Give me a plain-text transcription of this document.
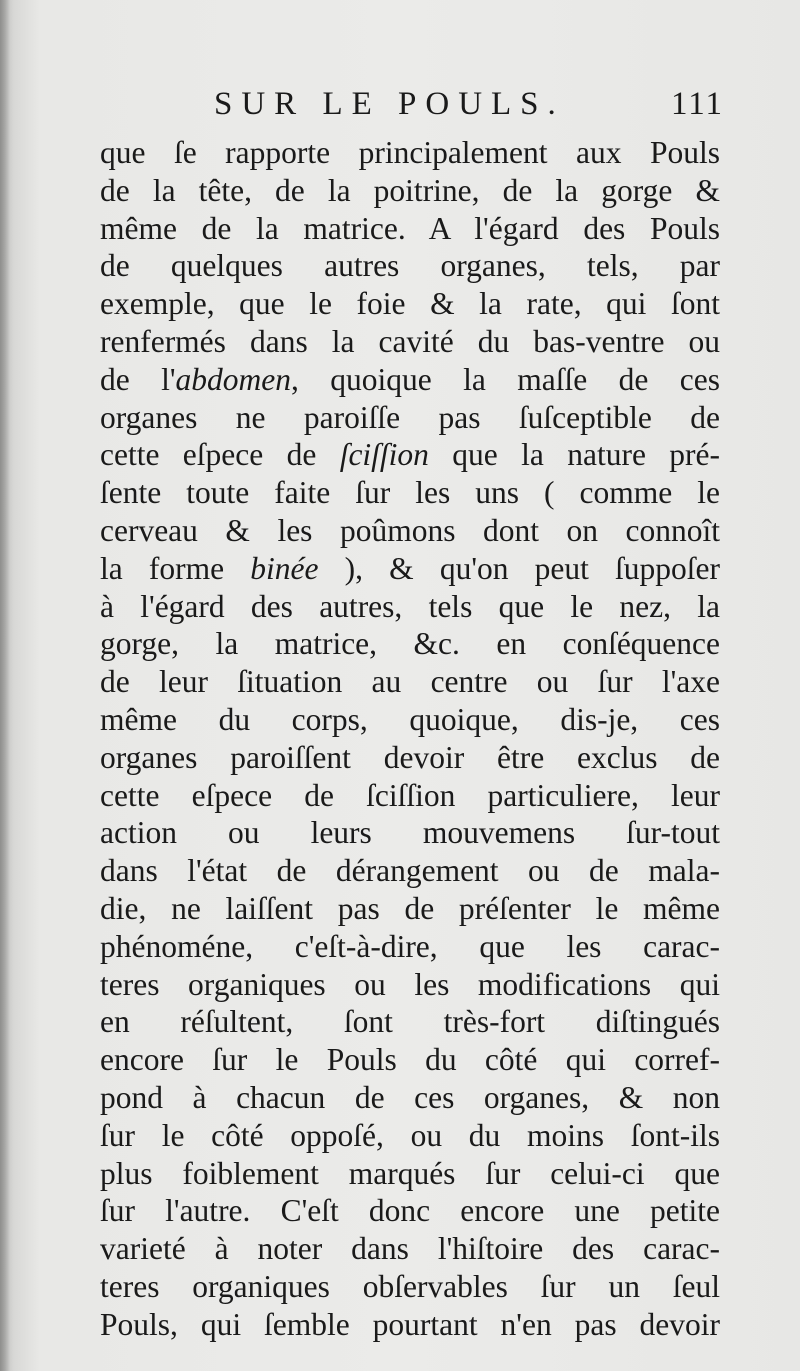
SUR LE POULS.	111
que ſe rapporte principalement aux Pouls
de la tête, de la poitrine, de la gorge &
même de la matrice. A l'égard des Pouls
de quelques autres organes, tels, par
exemple, que le foie & la rate, qui ſont
renfermés dans la cavité du bas-ventre ou
de l'abdomen, quoique la maſſe de ces
organes ne paroiſſe pas ſuſceptible de
cette eſpece de ſciſſion que la nature pré-
ſente toute faite ſur les uns ( comme le
cerveau & les poûmons dont on connoît
la forme binée ), & qu'on peut ſuppoſer
à l'égard des autres, tels que le nez, la
gorge, la matrice, &c. en conſéquence
de leur ſituation au centre ou ſur l'axe
même du corps, quoique, dis-je, ces
organes paroiſſent devoir être exclus de
cette eſpece de ſciſſion particuliere, leur
action ou leurs mouvemens ſur-tout
dans l'état de dérangement ou de mala-
die, ne laiſſent pas de préſenter le même
phénoméne, c'eſt-à-dire, que les carac-
teres organiques ou les modifications qui
en réſultent, ſont très-fort diſtingués
encore ſur le Pouls du côté qui corref-
pond à chacun de ces organes, & non
ſur le côté oppoſé, ou du moins ſont-ils
plus foiblement marqués ſur celui-ci que
ſur l'autre. C'eſt donc encore une petite
varieté à noter dans l'hiſtoire des carac-
teres organiques obſervables ſur un ſeul
Pouls, qui ſemble pourtant n'en pas devoir
